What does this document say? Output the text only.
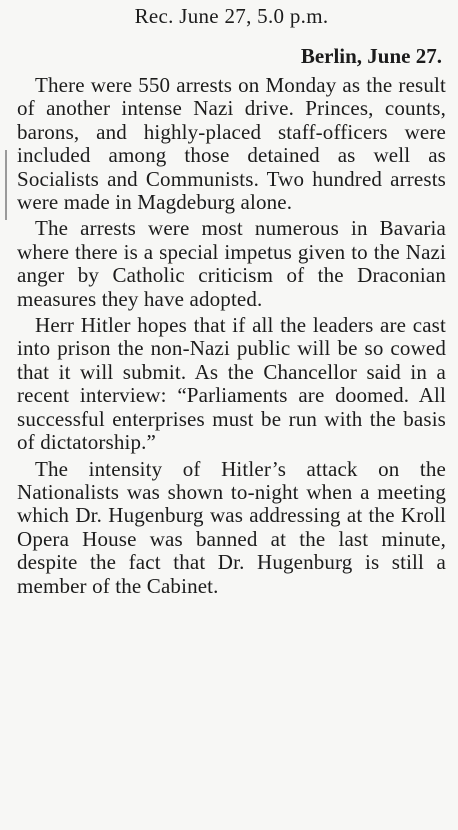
Rec. June 27, 5.0 p.m.
Berlin, June 27.

There were 550 arrests on Monday as the result of another intense Nazi drive. Princes, counts, barons, and highly-placed staff-officers were included among those detained as well as Socialists and Communists. Two hundred arrests were made in Magdeburg alone.

The arrests were most numerous in Bavaria where there is a special impetus given to the Nazi anger by Catholic criticism of the Draconian measures they have adopted.

Herr Hitler hopes that if all the leaders are cast into prison the non-Nazi public will be so cowed that it will submit. As the Chancellor said in a recent interview: “Parliaments are doomed. All successful enterprises must be run with the basis of dictatorship.”

The intensity of Hitler’s attack on the Nationalists was shown to-night when a meeting which Dr. Hugenburg was addressing at the Kroll Opera House was banned at the last minute, despite the fact that Dr. Hugenburg is still a member of the Cabinet.
